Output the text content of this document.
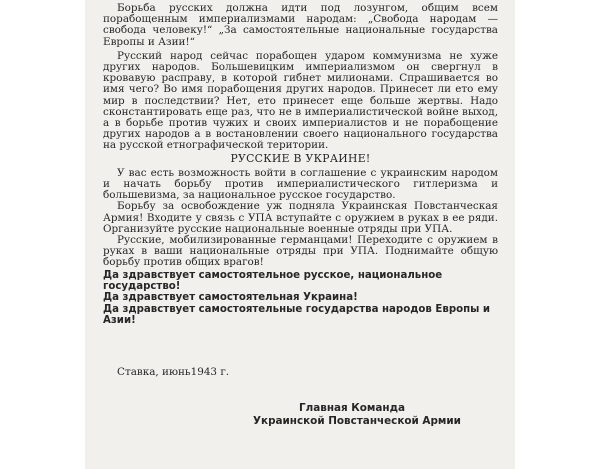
Борьба русских должна идти под лозунгом, общим всем порабощенным империализмами народам: „Свобода народам —свобода человеку!“ „За самостоятельные национальные государства Европы и Азии!“

Русский народ сейчас порабощен ударом коммунизма не хуже других народов. Большевицким империализмом он свергнул в кровавую расправу, в которой гибнет милионами. Спрашивается во имя чего? Во имя порабощения других народов. Принесет ли ето ему мир в последствии? Нет, ето принесет еще больше жертвы. Надо сконстантировать еще раз, что не в империалистической войне выход, а в борьбе против чужих и своих империалистов и не порабощение других народов а в востановлении своего национального государства на русской етнографической територии.

РУССКИЕ В УКРАИНЕ!

У вас есть возможность войти в соглашение с украинским народом и начать борьбу против империалистического гитлеризма и большевизма, за национальное русское государство.

Борьбу за освобождение уж подняла Украинская Повстанческая Армия! Входите у связь с УПА вступайте с оружием в руках в ее ряди. Организуйте русские национальные военные отряды при УПА.

Русские, мобилизированные германцами! Переходите с оружием в руках в ваши национальные отряды при УПА. Поднимайте общую борьбу против общих врагов!

Да здравствует самостоятельное русское, национальное государство!

Да здравствует самостоятельная Украина!

Да здравствует самостоятельные государства народов Европы и Азии!

Ставка, июнь1943 г.
Главная Команда
Украинской Повстанческой Армии
